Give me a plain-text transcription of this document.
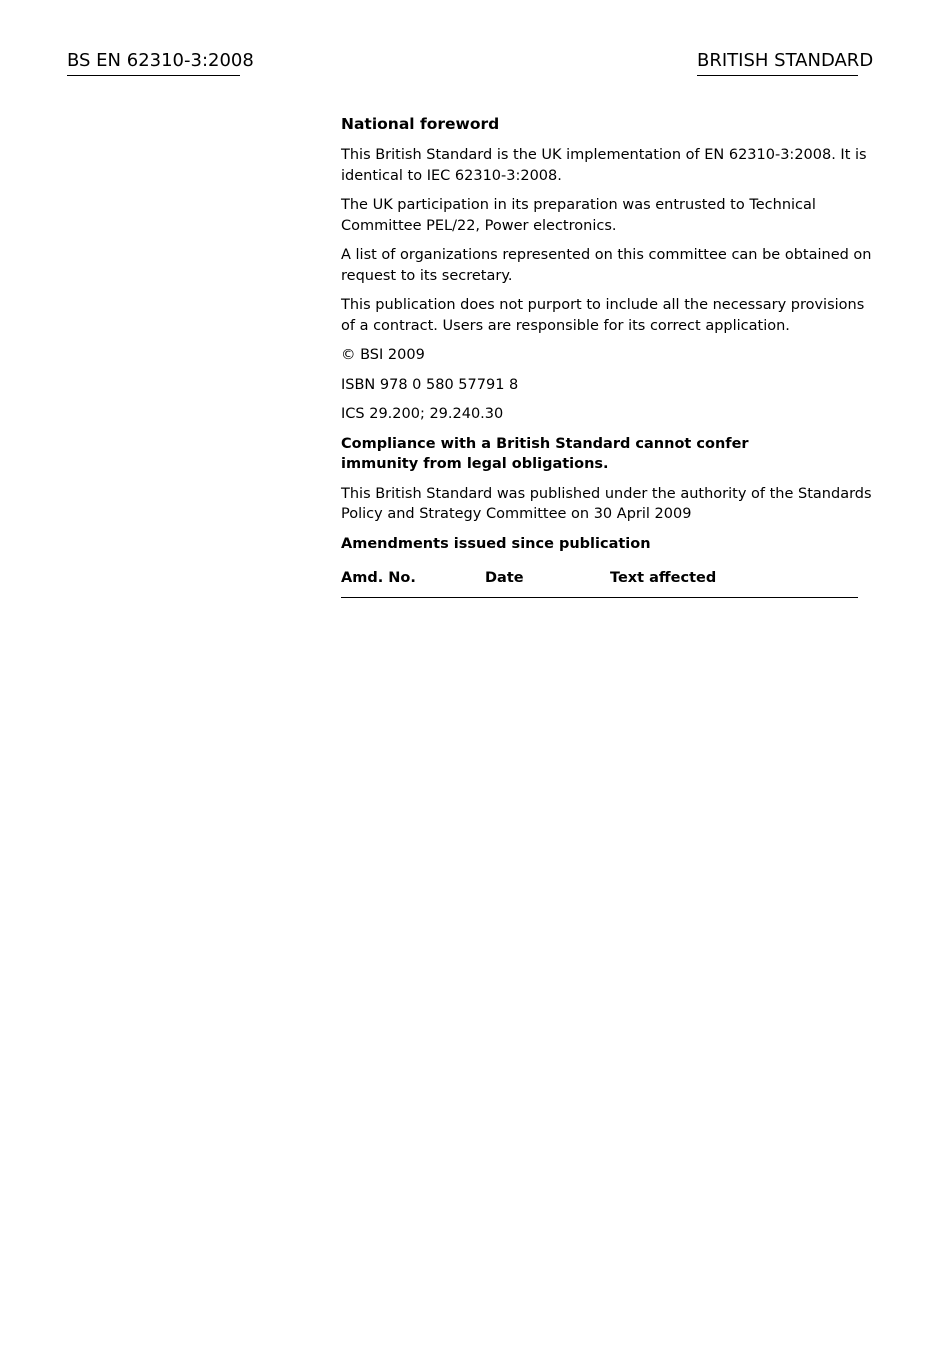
BS EN 62310-3:2008	BRITISH STANDARD
National foreword
This British Standard is the UK implementation of EN 62310-3:2008. It is identical to IEC 62310-3:2008.
The UK participation in its preparation was entrusted to Technical Committee PEL/22, Power electronics.
A list of organizations represented on this committee can be obtained on request to its secretary.
This publication does not purport to include all the necessary provisions of a contract. Users are responsible for its correct application.
© BSI 2009
ISBN 978 0 580 57791 8
ICS 29.200; 29.240.30
Compliance with a British Standard cannot confer immunity from legal obligations.
This British Standard was published under the authority of the Standards Policy and Strategy Committee on 30 April 2009
Amendments issued since publication
Amd. No.	Date	Text affected
